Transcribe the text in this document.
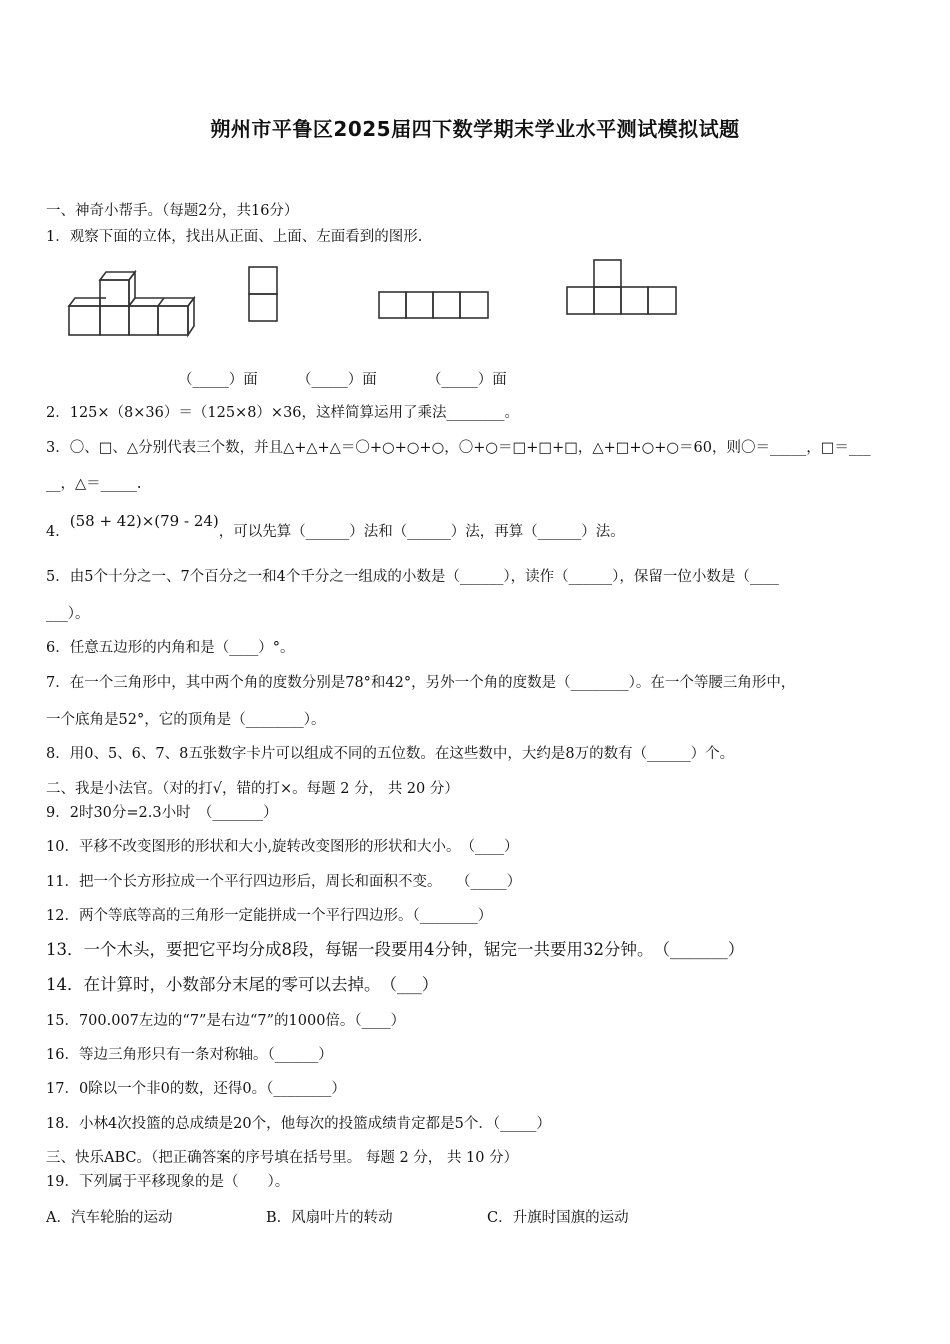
朔州市平鲁区2025届四下数学期末学业水平测试模拟试题
一、神奇小帮手。（每题2分，共16分）
1．观察下面的立体，找出从正面、上面、左面看到的图形.
（_____）面	（_____）面	（_____）面
2．125×（8×36）＝（125×8）×36，这样简算运用了乘法________。
3．〇、□、△分别代表三个数，并且△+△+△＝〇+○+○+○，〇+○＝□+□+□，△+□+○+○＝60，则〇＝_____，□＝___
__，△＝_____.
4．(58 + 42)×(79 - 24)，可以先算（______）法和（______）法，再算（______）法。
5．由5个十分之一、7个百分之一和4个千分之一组成的小数是（______），读作（______），保留一位小数是（____
___）。
6．任意五边形的内角和是（____）°。
7．在一个三角形中，其中两个角的度数分别是78°和42°，另外一个角的度数是（________）。在一个等腰三角形中，
一个底角是52°，它的顶角是（________）。
8．用0、5、6、7、8五张数字卡片可以组成不同的五位数。在这些数中，大约是8万的数有（______）个。
二、我是小法官。（对的打√，错的打×。每题 2 分， 共 20 分）
9．2时30分=2.3小时　（_______）
10．平移不改变图形的形状和大小,旋转改变图形的形状和大小。　（____）
11．把一个长方形拉成一个平行四边形后，周长和面积不变。　　（_____）
12．两个等底等高的三角形一定能拼成一个平行四边形。（________）
13．一个木头，要把它平均分成8段，每锯一段要用4分钟，锯完一共要用32分钟。　（_______）
14．在计算时，小数部分末尾的零可以去掉。　（___）
15．700.007左边的“7”是右边“7”的1000倍。（____）
16．等边三角形只有一条对称轴。（______）
17．0除以一个非0的数，还得0。（________）
18．小林4次投篮的总成绩是20个，他每次的投篮成绩肯定都是5个．（_____）
三、快乐ABC。（把正确答案的序号填在括号里。 每题 2 分， 共 10 分）
19．下列属于平移现象的是（　　）。
A．汽车轮胎的运动	B．风扇叶片的转动	C．升旗时国旗的运动
